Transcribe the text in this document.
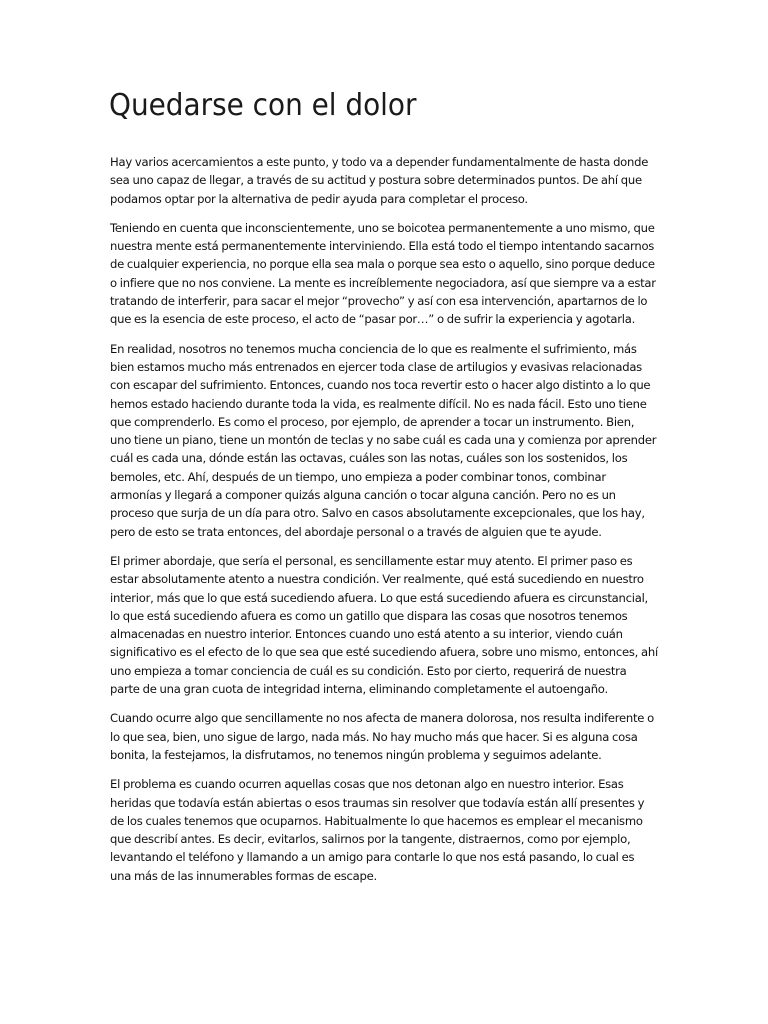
Quedarse con el dolor

Hay varios acercamientos a este punto, y todo va a depender fundamentalmente de hasta donde sea uno capaz de llegar, a través de su actitud y postura sobre determinados puntos. De ahí que podamos optar por la alternativa de pedir ayuda para completar el proceso.

Teniendo en cuenta que inconscientemente, uno se boicotea permanentemente a uno mismo, que nuestra mente está permanentemente interviniendo. Ella está todo el tiempo intentando sacarnos de cualquier experiencia, no porque ella sea mala o porque sea esto o aquello, sino porque deduce o infiere que no nos conviene. La mente es increíblemente negociadora, así que siempre va a estar tratando de interferir, para sacar el mejor “provecho” y así con esa intervención, apartarnos de lo que es la esencia de este proceso, el acto de “pasar por…” o de sufrir la experiencia y agotarla.

En realidad, nosotros no tenemos mucha conciencia de lo que es realmente el sufrimiento, más bien estamos mucho más entrenados en ejercer toda clase de artilugios y evasivas relacionadas con escapar del sufrimiento. Entonces, cuando nos toca revertir esto o hacer algo distinto a lo que hemos estado haciendo durante toda la vida, es realmente difícil. No es nada fácil. Esto uno tiene que comprenderlo. Es como el proceso, por ejemplo, de aprender a tocar un instrumento. Bien, uno tiene un piano, tiene un montón de teclas y no sabe cuál es cada una y comienza por aprender cuál es cada una, dónde están las octavas, cuáles son las notas, cuáles son los sostenidos, los bemoles, etc. Ahí, después de un tiempo, uno empieza a poder combinar tonos, combinar armonías y llegará a componer quizás alguna canción o tocar alguna canción. Pero no es un proceso que surja de un día para otro. Salvo en casos absolutamente excepcionales, que los hay, pero de esto se trata entonces, del abordaje personal o a través de alguien que te ayude.

El primer abordaje, que sería el personal, es sencillamente estar muy atento. El primer paso es estar absolutamente atento a nuestra condición. Ver realmente, qué está sucediendo en nuestro interior, más que lo que está sucediendo afuera. Lo que está sucediendo afuera es circunstancial, lo que está sucediendo afuera es como un gatillo que dispara las cosas que nosotros tenemos almacenadas en nuestro interior. Entonces cuando uno está atento a su interior, viendo cuán significativo es el efecto de lo que sea que esté sucediendo afuera, sobre uno mismo, entonces, ahí uno empieza a tomar conciencia de cuál es su condición. Esto por cierto, requerirá de nuestra parte de una gran cuota de integridad interna, eliminando completamente el autoengaño.

Cuando ocurre algo que sencillamente no nos afecta de manera dolorosa, nos resulta indiferente o lo que sea, bien, uno sigue de largo, nada más. No hay mucho más que hacer. Si es alguna cosa bonita, la festejamos, la disfrutamos, no tenemos ningún problema y seguimos adelante.

El problema es cuando ocurren aquellas cosas que nos detonan algo en nuestro interior. Esas heridas que todavía están abiertas o esos traumas sin resolver que todavía están allí presentes y de los cuales tenemos que ocuparnos. Habitualmente lo que hacemos es emplear el mecanismo que describí antes. Es decir, evitarlos, salirnos por la tangente, distraernos, como por ejemplo, levantando el teléfono y llamando a un amigo para contarle lo que nos está pasando, lo cual es una más de las innumerables formas de escape.
